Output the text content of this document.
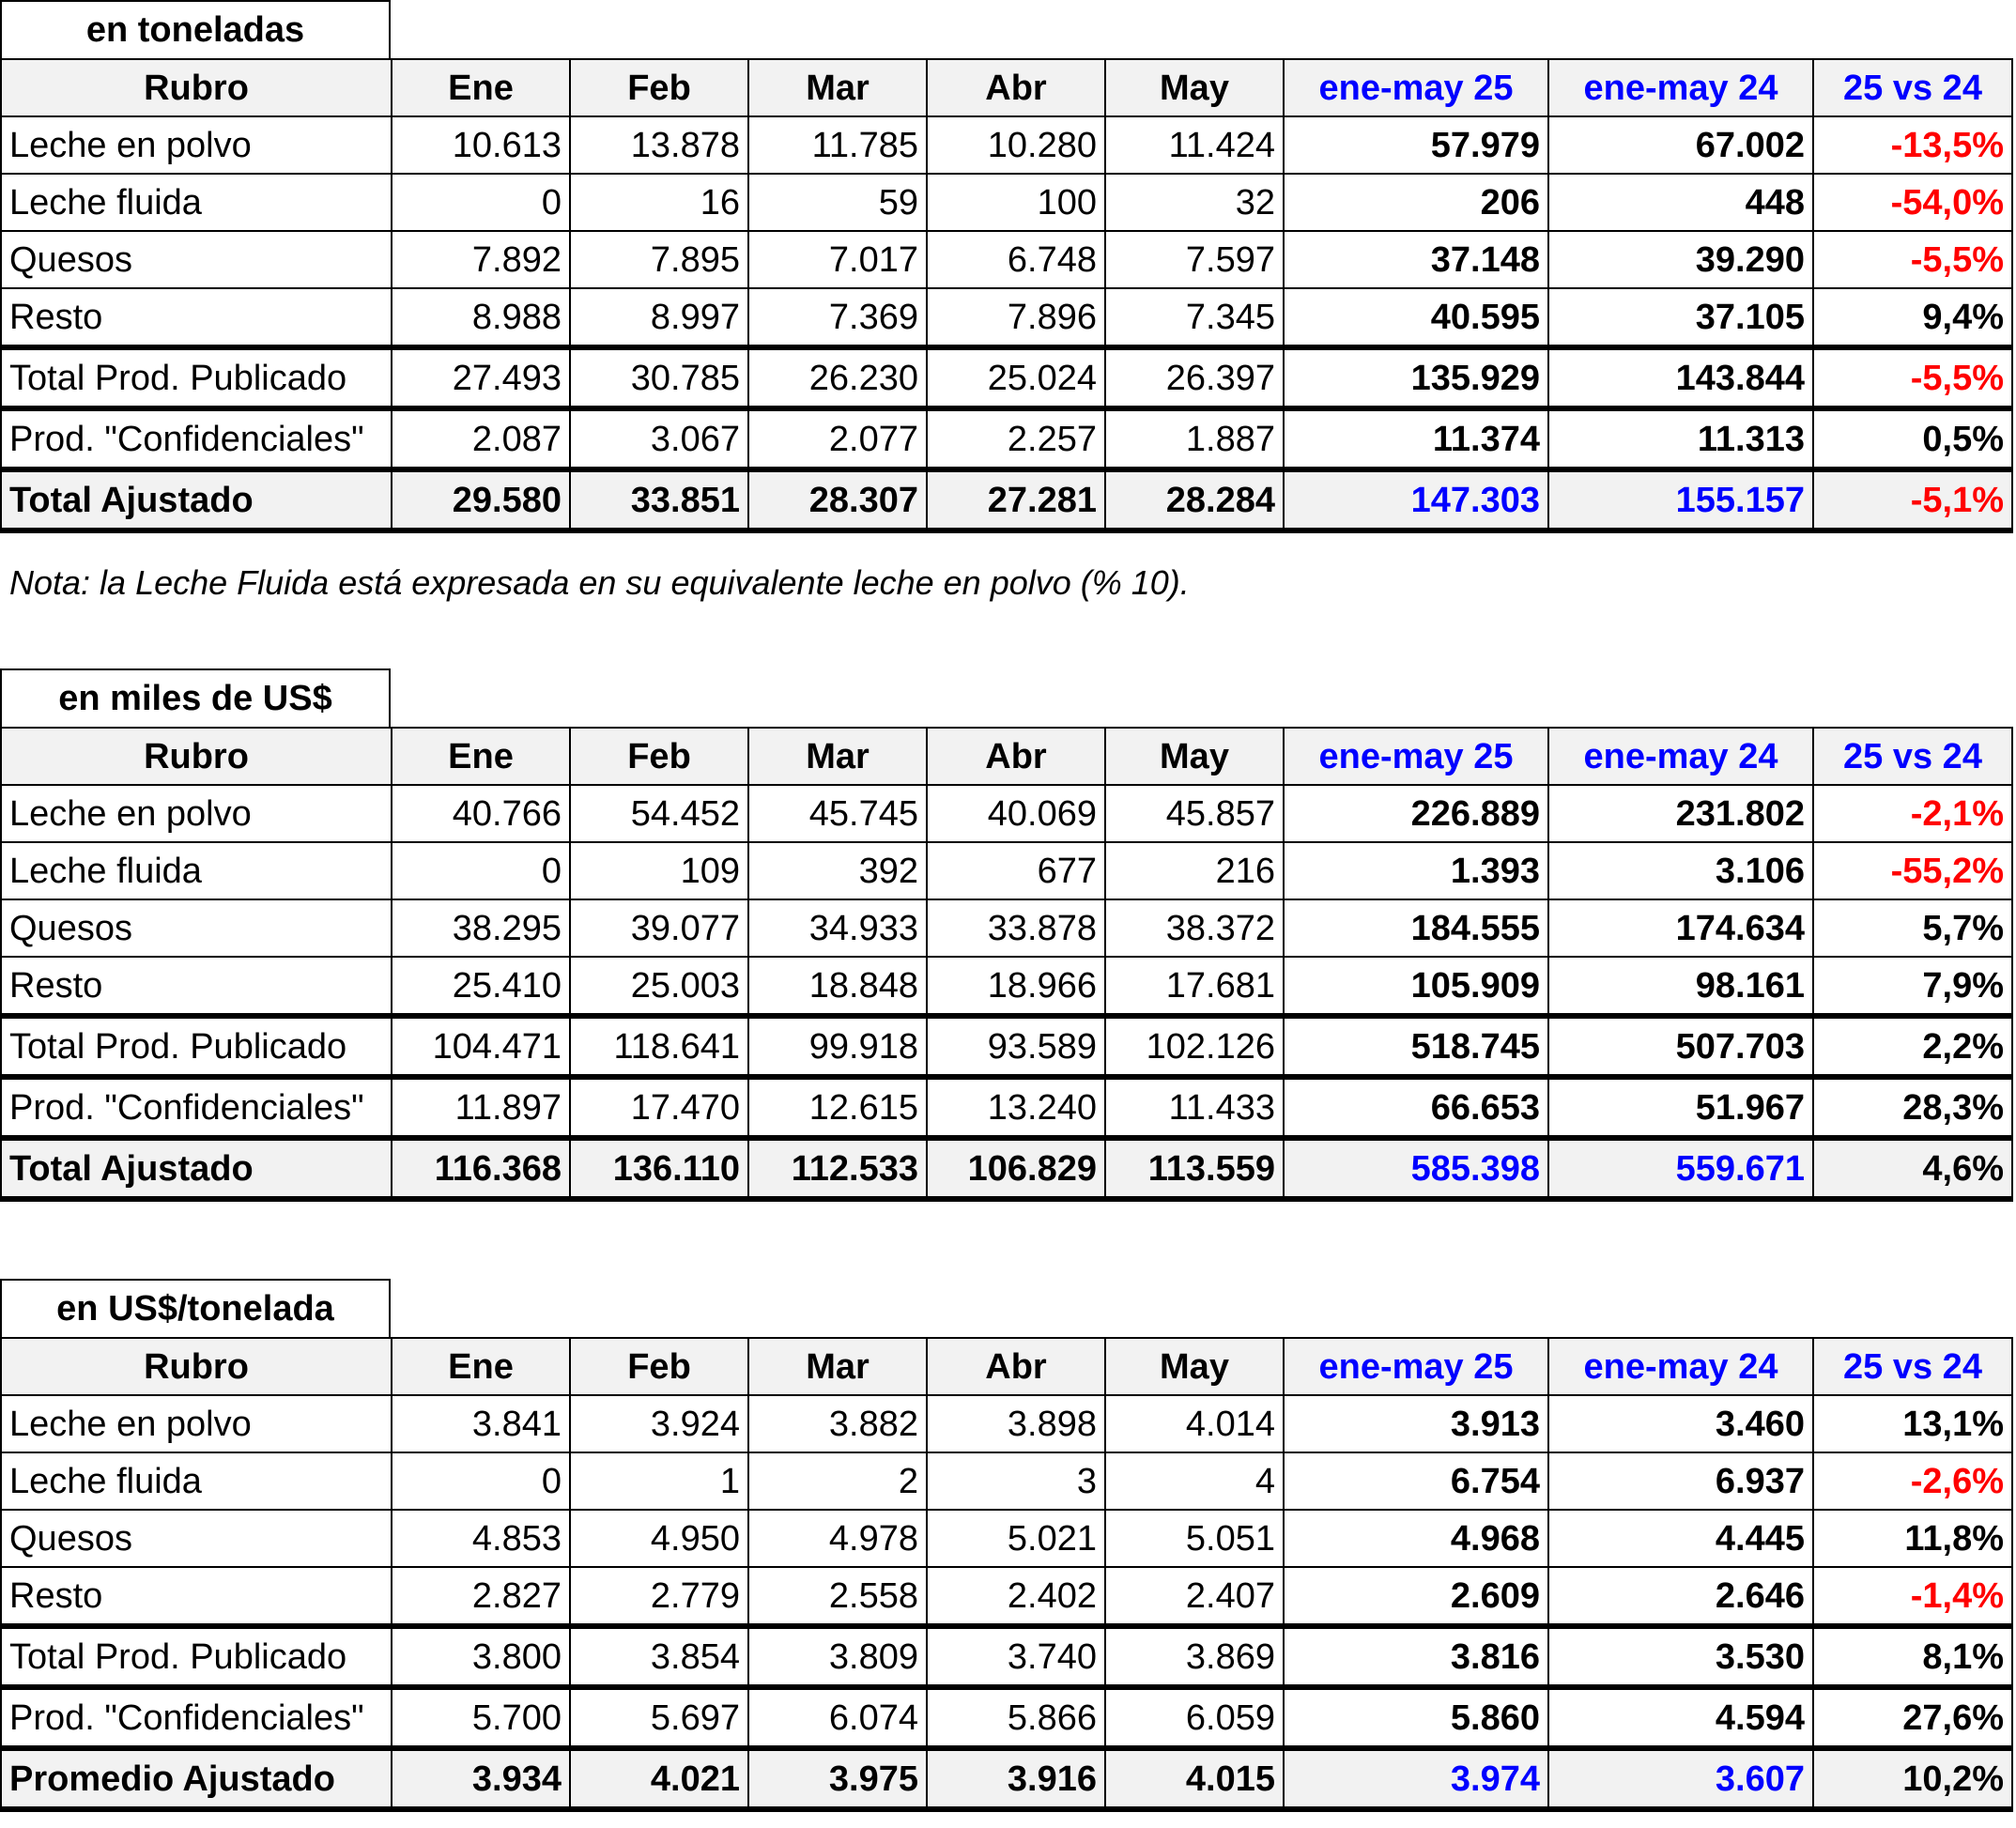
en toneladas
Rubro	Ene	Feb	Mar	Abr	May	ene-may 25	ene-may 24	25 vs 24
Leche en polvo	10.613	13.878	11.785	10.280	11.424	57.979	67.002	-13,5%
Leche fluida	0	16	59	100	32	206	448	-54,0%
Quesos	7.892	7.895	7.017	6.748	7.597	37.148	39.290	-5,5%
Resto	8.988	8.997	7.369	7.896	7.345	40.595	37.105	9,4%
Total Prod. Publicado	27.493	30.785	26.230	25.024	26.397	135.929	143.844	-5,5%
Prod. "Confidenciales"	2.087	3.067	2.077	2.257	1.887	11.374	11.313	0,5%
Total Ajustado	29.580	33.851	28.307	27.281	28.284	147.303	155.157	-5,1%
Nota: la Leche Fluida está expresada en su equivalente leche en polvo (% 10).
en miles de US$
Rubro	Ene	Feb	Mar	Abr	May	ene-may 25	ene-may 24	25 vs 24
Leche en polvo	40.766	54.452	45.745	40.069	45.857	226.889	231.802	-2,1%
Leche fluida	0	109	392	677	216	1.393	3.106	-55,2%
Quesos	38.295	39.077	34.933	33.878	38.372	184.555	174.634	5,7%
Resto	25.410	25.003	18.848	18.966	17.681	105.909	98.161	7,9%
Total Prod. Publicado	104.471	118.641	99.918	93.589	102.126	518.745	507.703	2,2%
Prod. "Confidenciales"	11.897	17.470	12.615	13.240	11.433	66.653	51.967	28,3%
Total Ajustado	116.368	136.110	112.533	106.829	113.559	585.398	559.671	4,6%
en US$/tonelada
Rubro	Ene	Feb	Mar	Abr	May	ene-may 25	ene-may 24	25 vs 24
Leche en polvo	3.841	3.924	3.882	3.898	4.014	3.913	3.460	13,1%
Leche fluida	0	1	2	3	4	6.754	6.937	-2,6%
Quesos	4.853	4.950	4.978	5.021	5.051	4.968	4.445	11,8%
Resto	2.827	2.779	2.558	2.402	2.407	2.609	2.646	-1,4%
Total Prod. Publicado	3.800	3.854	3.809	3.740	3.869	3.816	3.530	8,1%
Prod. "Confidenciales"	5.700	5.697	6.074	5.866	6.059	5.860	4.594	27,6%
Promedio Ajustado	3.934	4.021	3.975	3.916	4.015	3.974	3.607	10,2%
